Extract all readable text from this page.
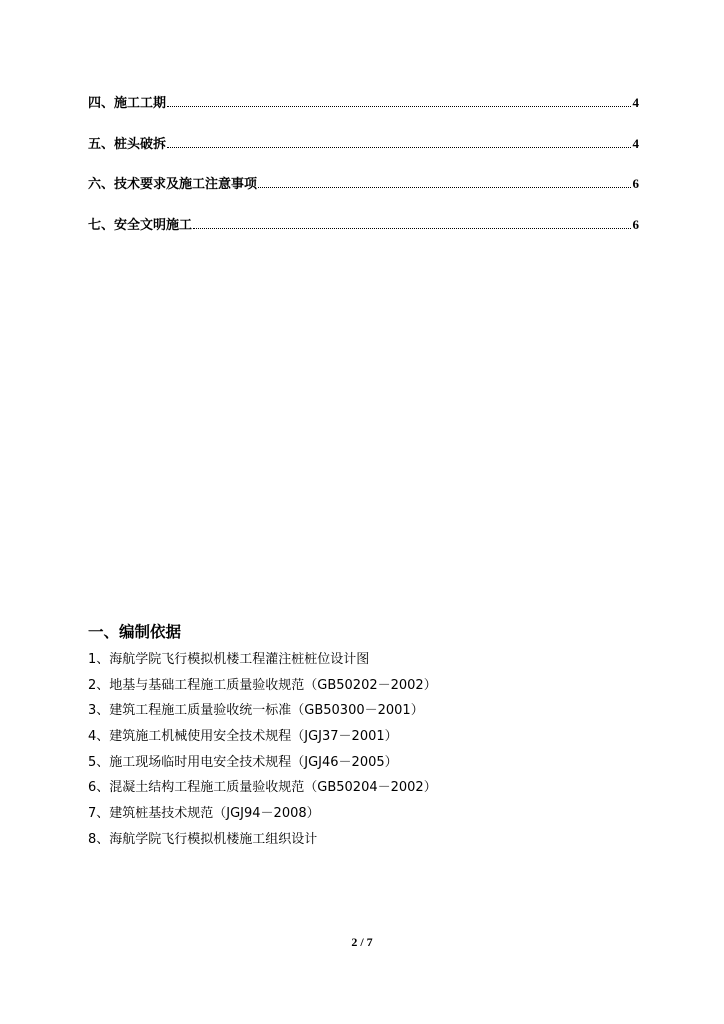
四、施工工期	4
五、桩头破拆	4
六、技术要求及施工注意事项	6
七、安全文明施工	6
一、编制依据
1、海航学院飞行模拟机楼工程灌注桩桩位设计图
2、地基与基础工程施工质量验收规范（GB50202－2002）
3、建筑工程施工质量验收统一标准（GB50300－2001）
4、建筑施工机械使用安全技术规程（JGJ37－2001）
5、施工现场临时用电安全技术规程（JGJ46－2005）
6、混凝土结构工程施工质量验收规范（GB50204－2002）
7、建筑桩基技术规范（JGJ94－2008）
8、海航学院飞行模拟机楼施工组织设计
2 / 7
